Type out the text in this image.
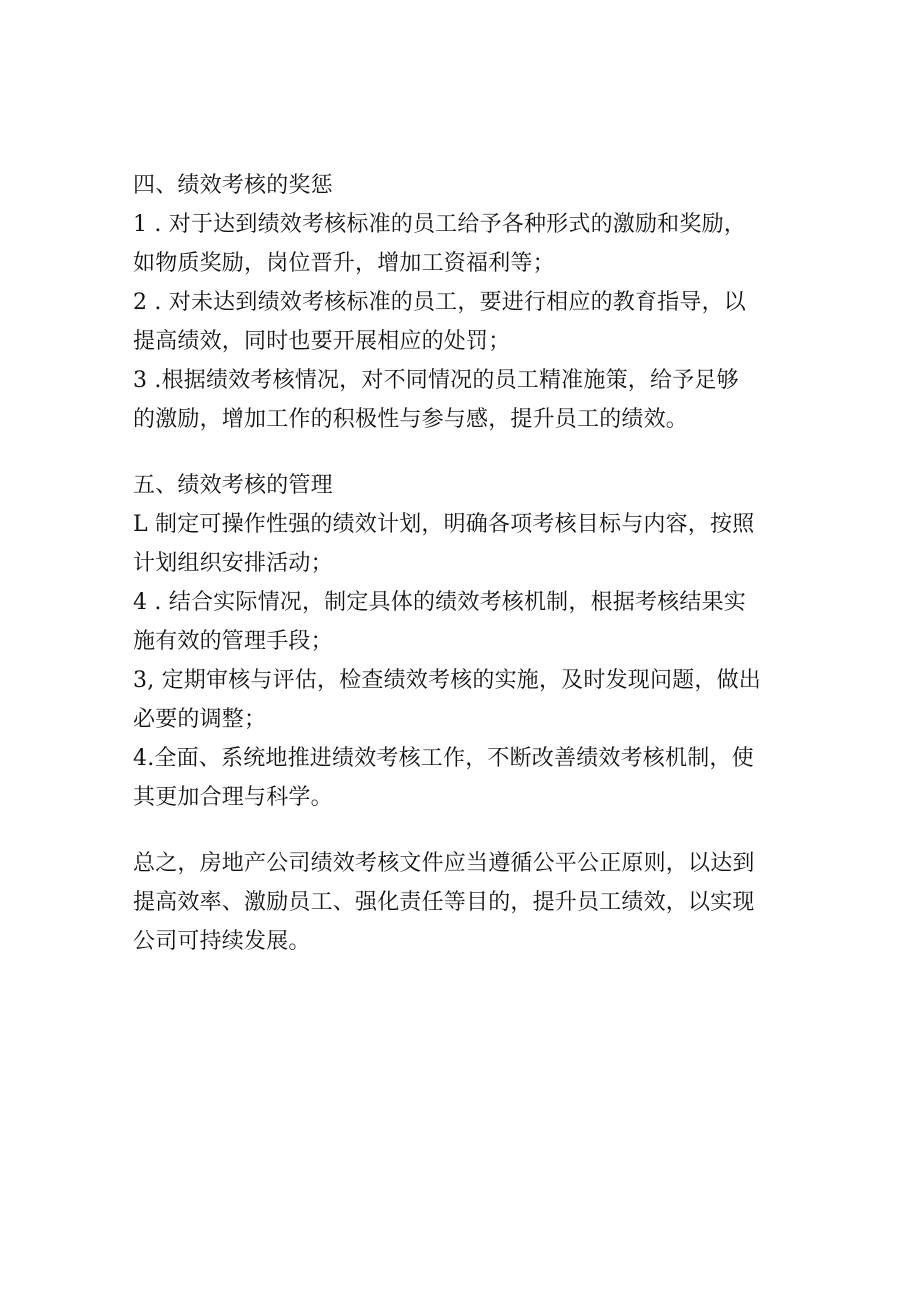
四、绩效考核的奖惩
1 . 对于达到绩效考核标准的员工给予各种形式的激励和奖励，
如物质奖励，岗位晋升，增加工资福利等；
2 . 对未达到绩效考核标准的员工，要进行相应的教育指导，以
提高绩效，同时也要开展相应的处罚；
3 .根据绩效考核情况，对不同情况的员工精准施策，给予足够
的激励，增加工作的积极性与参与感，提升员工的绩效。
五、绩效考核的管理
L 制定可操作性强的绩效计划，明确各项考核目标与内容，按照
计划组织安排活动；
4 . 结合实际情况，制定具体的绩效考核机制，根据考核结果实
施有效的管理手段；
3, 定期审核与评估，检查绩效考核的实施，及时发现问题，做出
必要的调整；
4.全面、系统地推进绩效考核工作，不断改善绩效考核机制，使
其更加合理与科学。
总之，房地产公司绩效考核文件应当遵循公平公正原则，以达到
提高效率、激励员工、强化责任等目的，提升员工绩效，以实现
公司可持续发展。
